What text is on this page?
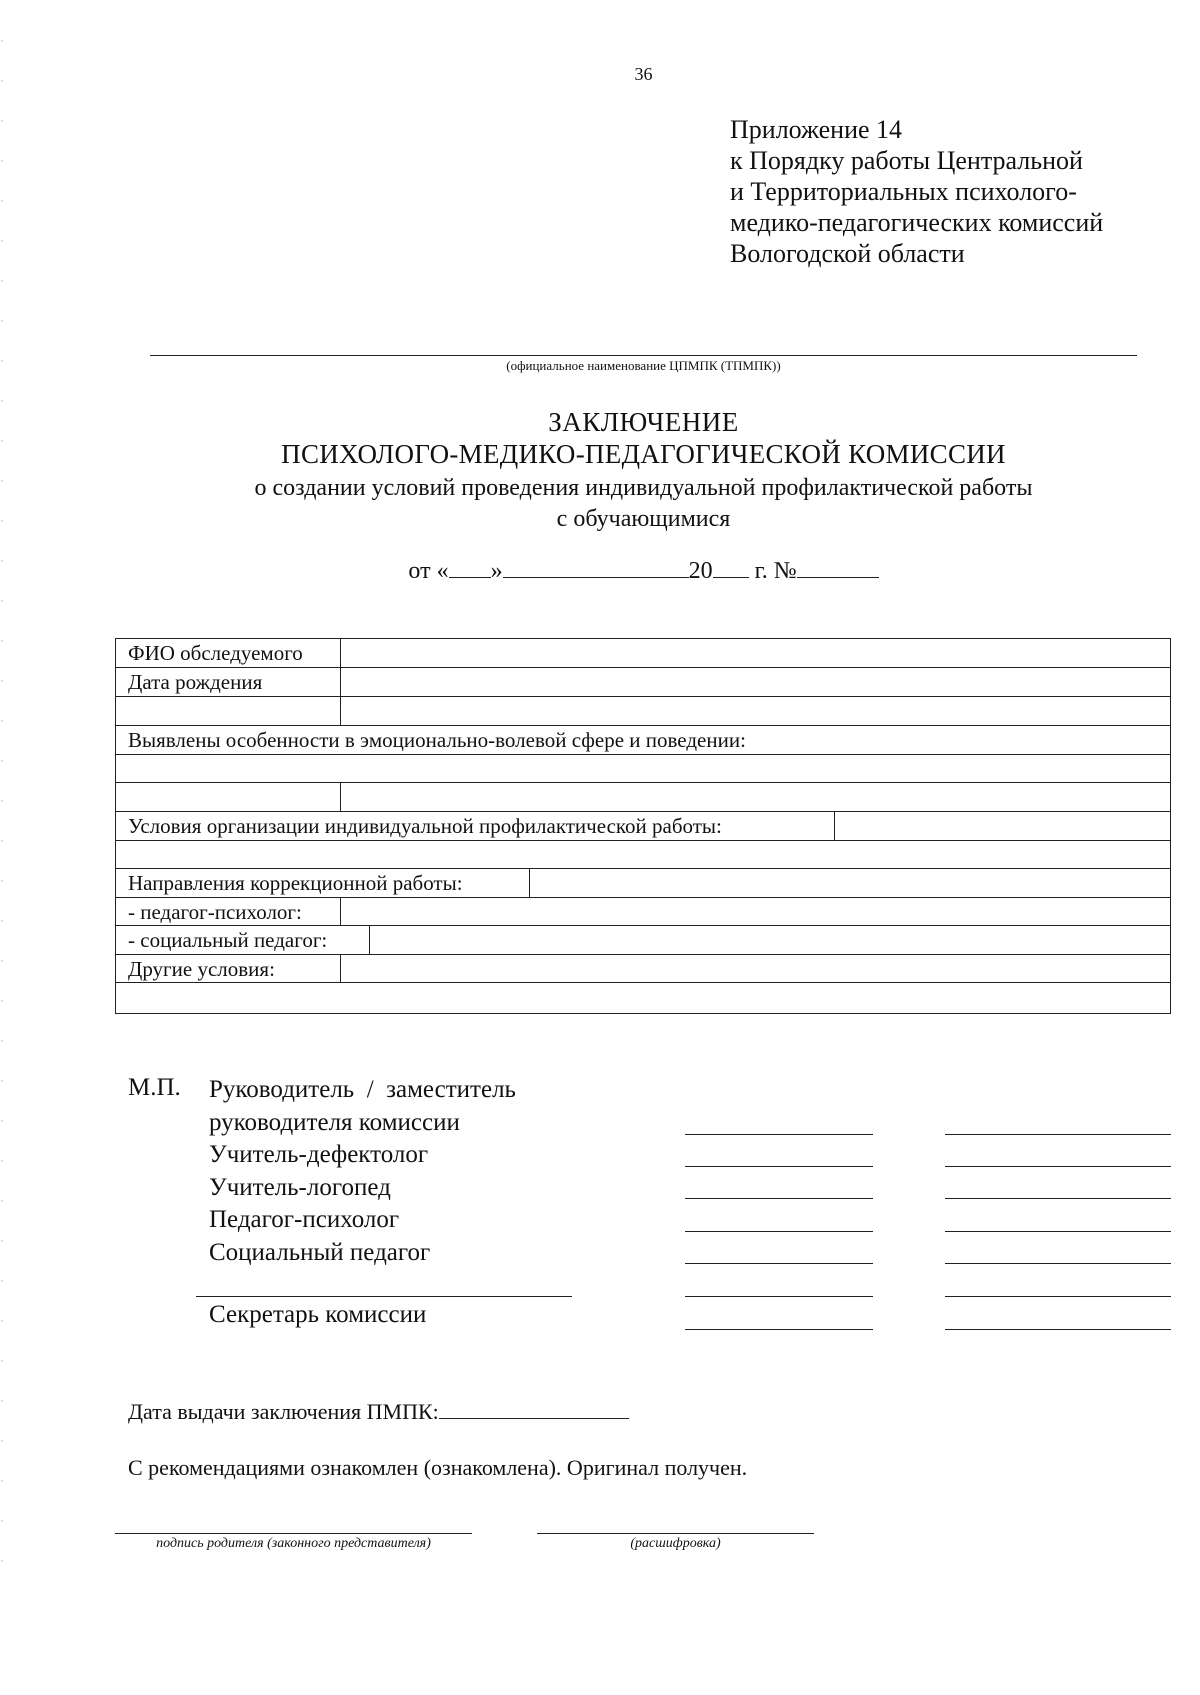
36
Приложение 14
к Порядку работы Центральной
и Территориальных психолого-
медико-педагогических комиссий
Вологодской области
(официальное наименование ЦПМПК (ТПМПК))
ЗАКЛЮЧЕНИЕ
ПСИХОЛОГО-МЕДИКО-ПЕДАГОГИЧЕСКОЙ КОМИССИИ
о создании условий проведения индивидуальной профилактической работы
с обучающимися
от « »	20 г. №
ФИО обследуемого
Дата рождения
Выявлены особенности в эмоционально-волевой сфере и поведении:
Условия организации индивидуальной профилактической работы:
Направления коррекционной работы:
- педагог-психолог:
- социальный педагог:
Другие условия:
М.П. Руководитель  /  заместитель
руководителя комиссии
Учитель-дефектолог
Учитель-логопед
Педагог-психолог
Социальный педагог
Секретарь комиссии
Дата выдачи заключения ПМПК:
С рекомендациями ознакомлен (ознакомлена). Оригинал получен.
подпись родителя (законного представителя)	(расшифровка)
